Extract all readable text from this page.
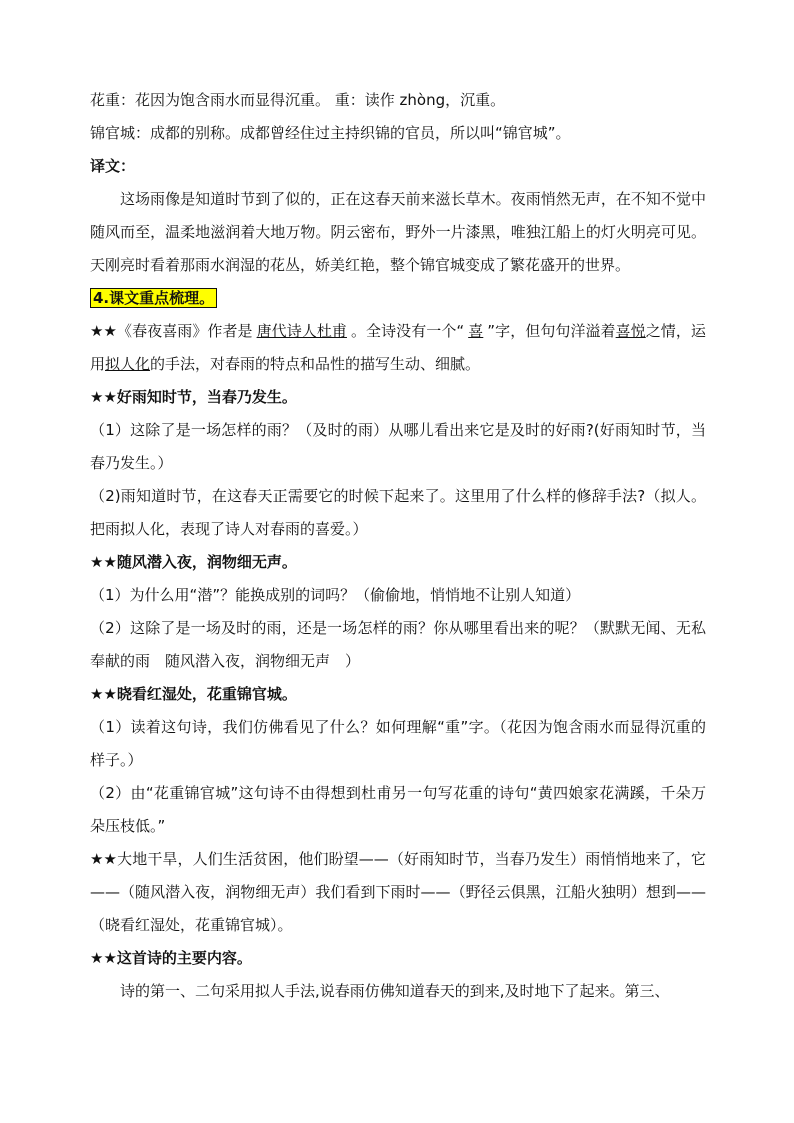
花重：花因为饱含雨水而显得沉重。 重：读作 zhòng，沉重。

锦官城：成都的别称。成都曾经住过主持织锦的官员，所以叫“锦官城”。

译文：

这场雨像是知道时节到了似的，正在这春天前来滋长草木。夜雨悄然无声，在不知不觉中随风而至，温柔地滋润着大地万物。阴云密布，野外一片漆黑，唯独江船上的灯火明亮可见。天刚亮时看着那雨水润湿的花丛，娇美红艳，整个锦官城变成了繁花盛开的世界。

4.课文重点梳理。

★★《春夜喜雨》作者是 唐代诗人杜甫 。全诗没有一个“ 喜 ”字，但句句洋溢着喜悦之情，运用拟人化的手法，对春雨的特点和品性的描写生动、细腻。

★★好雨知时节，当春乃发生。

（1）这除了是一场怎样的雨？（及时的雨）从哪儿看出来它是及时的好雨?(好雨知时节，当春乃发生。）

（2)雨知道时节，在这春天正需要它的时候下起来了。这里用了什么样的修辞手法?（拟人。把雨拟人化，表现了诗人对春雨的喜爱。）

★★随风潜入夜，润物细无声。

（1）为什么用“潜”？能换成别的词吗？（偷偷地，悄悄地不让别人知道）

（2）这除了是一场及时的雨，还是一场怎样的雨？你从哪里看出来的呢？（默默无闻、无私奉献的雨　随风潜入夜，润物细无声　）

★★晓看红湿处，花重锦官城。

（1）读着这句诗，我们仿佛看见了什么？如何理解“重”字。（花因为饱含雨水而显得沉重的样子。）

（2）由“花重锦官城”这句诗不由得想到杜甫另一句写花重的诗句“黄四娘家花满蹊，千朵万朵压枝低。”

★★大地干旱，人们生活贫困，他们盼望——（好雨知时节，当春乃发生）雨悄悄地来了，它——（随风潜入夜，润物细无声）我们看到下雨时——（野径云俱黑，江船火独明）想到——（晓看红湿处，花重锦官城）。

★★这首诗的主要内容。

诗的第一、二句采用拟人手法,说春雨仿佛知道春天的到来,及时地下了起来。第三、
